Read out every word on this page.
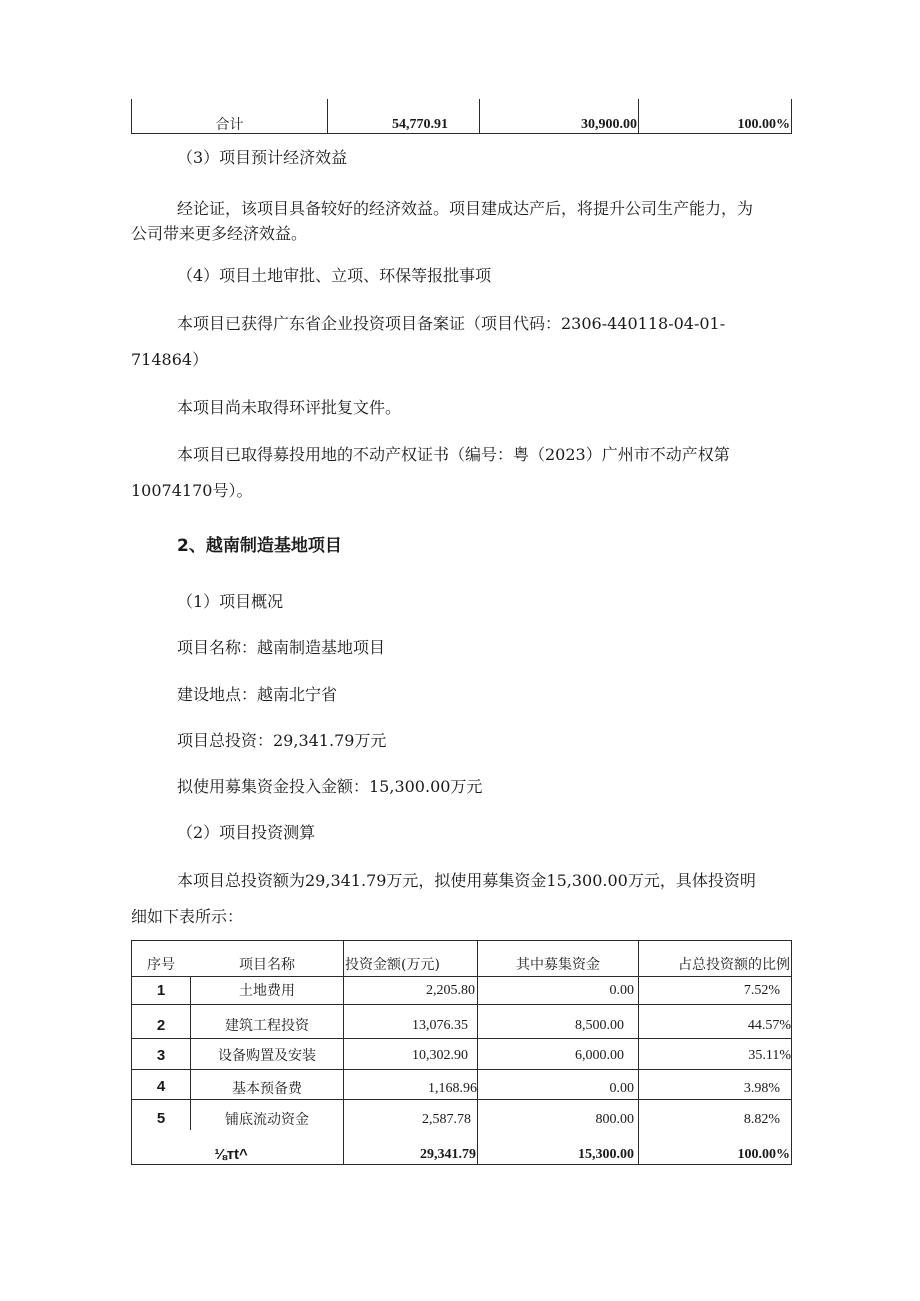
合计	54,770.91	30,900.00	100.00%
（3）项目预计经济效益
经论证，该项目具备较好的经济效益。项目建成达产后，将提升公司生产能力，为
公司带来更多经济效益。
（4）项目土地审批、立项、环保等报批事项
本项目已获得广东省企业投资项目备案证（项目代码：2306-440118-04-01-
714864）
本项目尚未取得环评批复文件。
本项目已取得募投用地的不动产权证书（编号：粤（2023）广州市不动产权第
10074170号）。
2、越南制造基地项目
（1）项目概况
项目名称：越南制造基地项目
建设地点：越南北宁省
项目总投资：29,341.79万元
拟使用募集资金投入金额：15,300.00万元
（2）项目投资测算
本项目总投资额为29,341.79万元，拟使用募集资金15,300.00万元，具体投资明
细如下表所示：
序号	项目名称	投资金额(万元)	其中募集资金	占总投资额的比例
1	土地费用	2,205.80	0.00	7.52%
2	建筑工程投资	13,076.35	8,500.00	44.57%
3	设备购置及安装	10,302.90	6,000.00	35.11%
4	基本预备费	1,168.96	0.00	3.98%
5	铺底流动资金	2,587.78	800.00	8.82%
⅛тt^	29,341.79	15,300.00	100.00%
